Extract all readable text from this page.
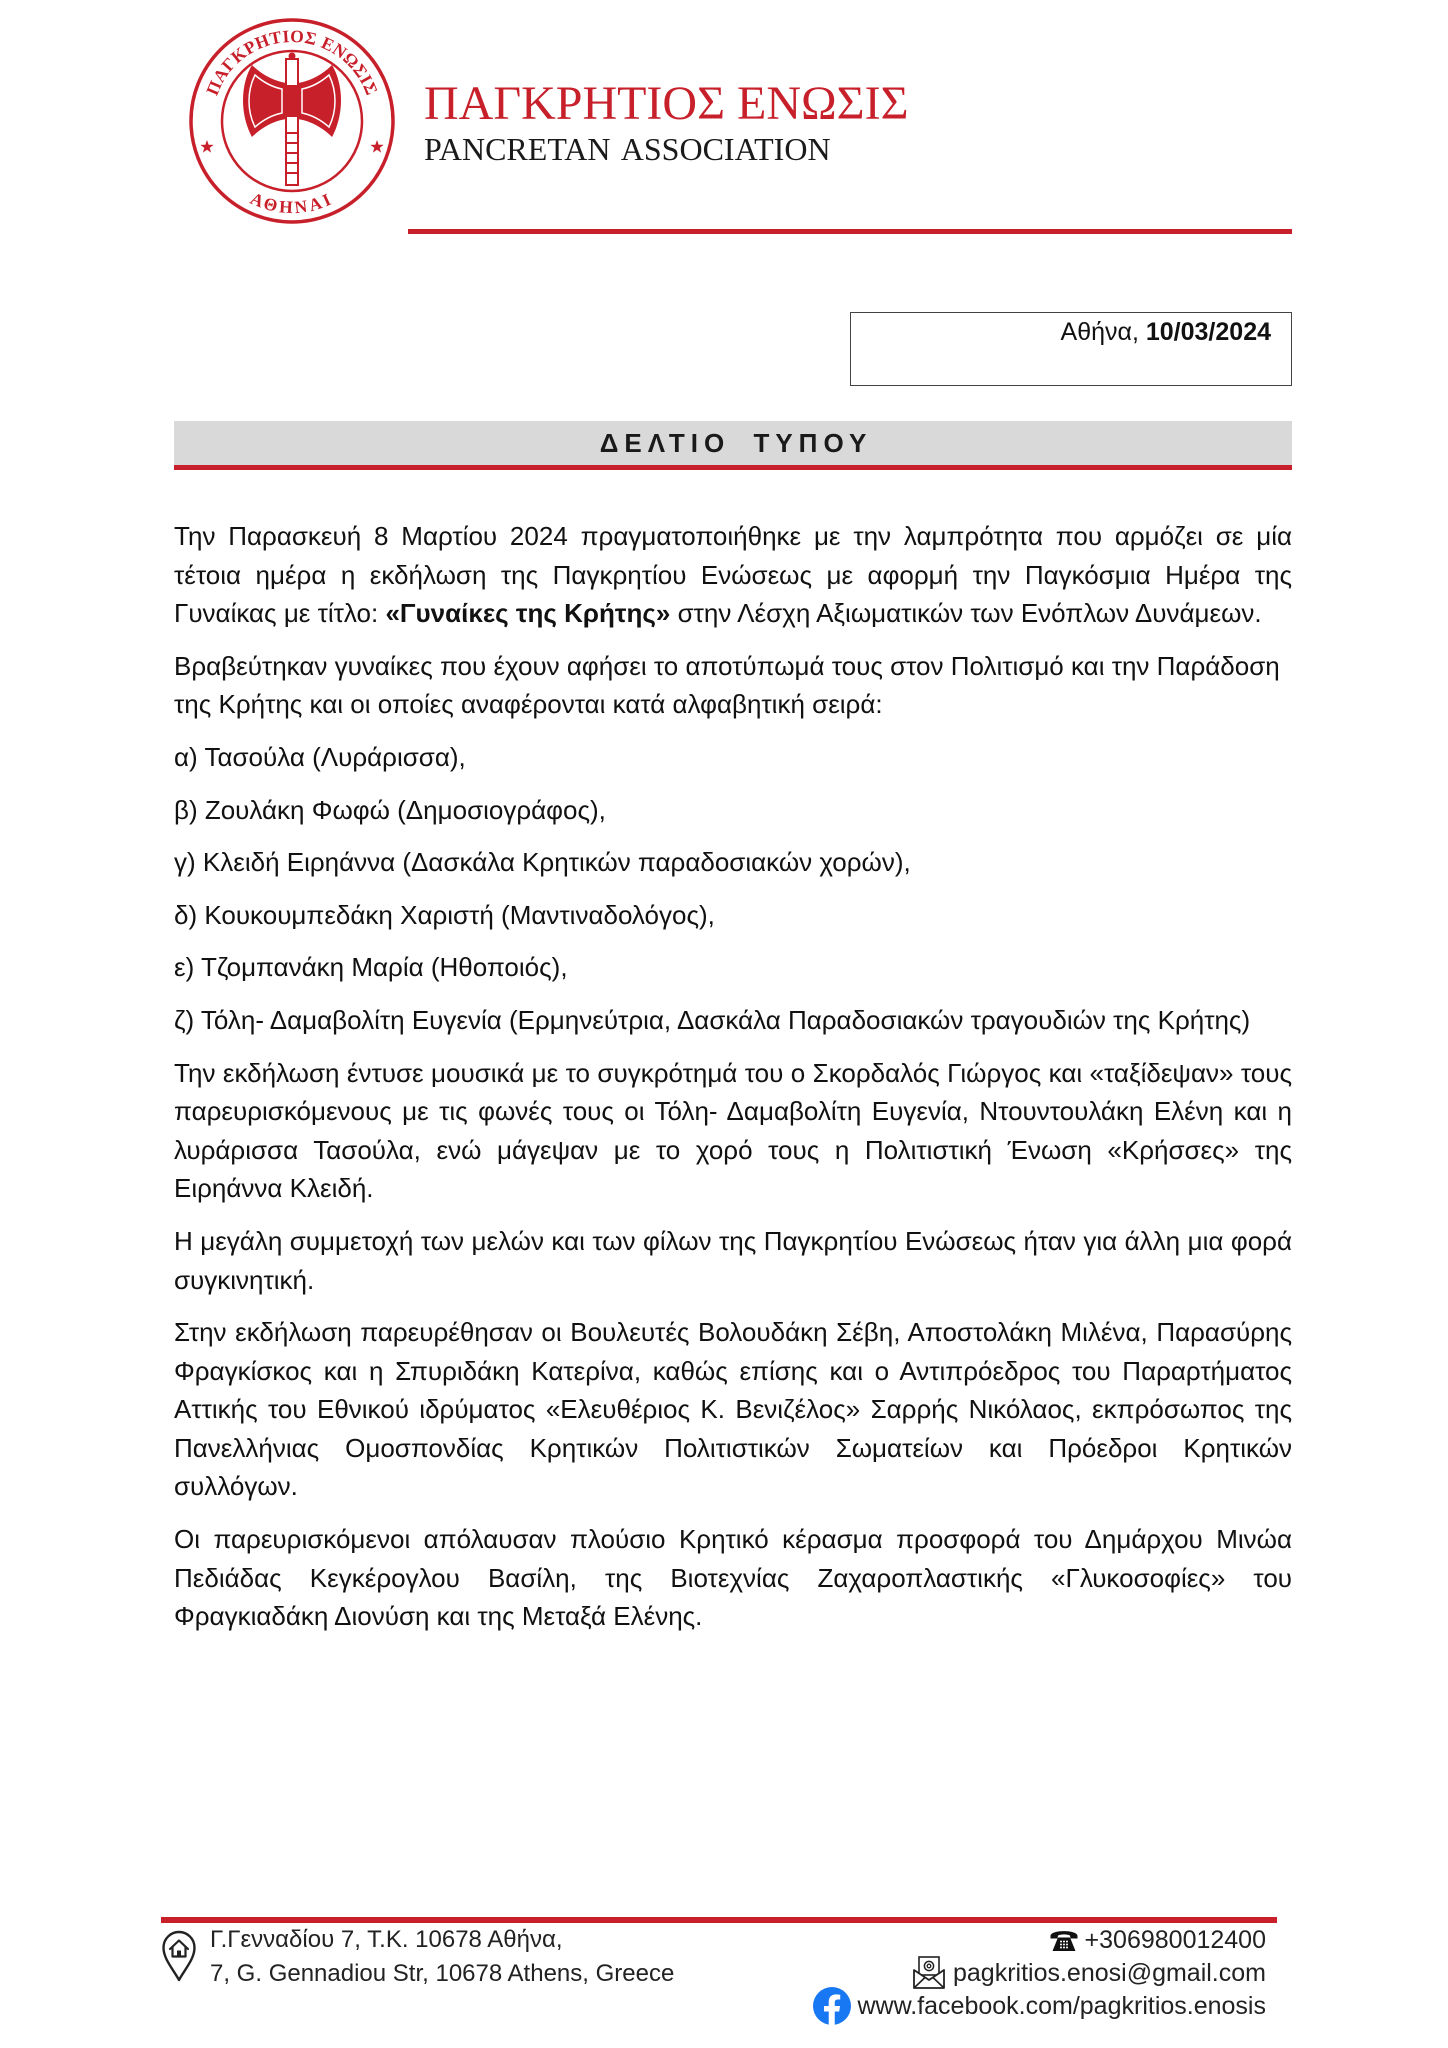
ΠΑΓΚΡΗΤΙΟΣ ΕΝΩΣΙΣ
ΑΘΗΝΑΙ
ΠΑΓΚΡΗΤΙΟΣ ΕΝΩΣΙΣ
PANCRETAN ASSOCIATION
Αθήνα, 10/03/2024
ΔΕΛΤΙΟ ΤΥΠΟΥ

Την Παρασκευή 8 Μαρτίου 2024 πραγματοποιήθηκε με την λαμπρότητα που αρμόζει σε μία τέτοια ημέρα η εκδήλωση της Παγκρητίου Ενώσεως με αφορμή την Παγκόσμια Ημέρα της Γυναίκας με τίτλο: «Γυναίκες της Κρήτης» στην Λέσχη Αξιωματικών των Ενόπλων Δυνάμεων.

Βραβεύτηκαν γυναίκες που έχουν αφήσει το αποτύπωμά τους στον Πολιτισμό και την Παράδοση της Κρήτης και οι οποίες αναφέρονται κατά αλφαβητική σειρά:

α) Τασούλα (Λυράρισσα),

β) Ζουλάκη Φωφώ (Δημοσιογράφος),

γ) Κλειδή Ειρηάννα (Δασκάλα Κρητικών παραδοσιακών χορών),

δ) Κουκουμπεδάκη Χαριστή (Μαντιναδολόγος),

ε) Τζομπανάκη Μαρία (Ηθοποιός),

ζ) Τόλη- Δαμαβολίτη Ευγενία (Ερμηνεύτρια, Δασκάλα Παραδοσιακών τραγουδιών της Κρήτης)

Την εκδήλωση έντυσε μουσικά με το συγκρότημά του ο Σκορδαλός Γιώργος και «ταξίδεψαν» τους παρευρισκόμενους με τις φωνές τους οι Τόλη- Δαμαβολίτη Ευγενία, Ντουντουλάκη Ελένη και η λυράρισσα Τασούλα, ενώ μάγεψαν με το χορό τους η Πολιτιστική Ένωση «Κρήσσες» της Ειρηάννα Κλειδή.

Η μεγάλη συμμετοχή των μελών και των φίλων της Παγκρητίου Ενώσεως ήταν για άλλη μια φορά συγκινητική.

Στην εκδήλωση παρευρέθησαν οι Βουλευτές Βολουδάκη Σέβη, Αποστολάκη Μιλένα, Παρασύρης Φραγκίσκος και η Σπυριδάκη Κατερίνα, καθώς επίσης και ο Αντιπρόεδρος του Παραρτήματος Αττικής του Εθνικού ιδρύματος «Ελευθέριος Κ. Βενιζέλος» Σαρρής Νικόλαος, εκπρόσωπος της Πανελλήνιας Ομοσπονδίας Κρητικών Πολιτιστικών Σωματείων και Πρόεδροι Κρητικών συλλόγων.

Οι παρευρισκόμενοι απόλαυσαν πλούσιο Κρητικό κέρασμα προσφορά του Δημάρχου Μινώα Πεδιάδας Κεγκέρογλου Βασίλη, της Βιοτεχνίας Ζαχαροπλαστικής «Γλυκοσοφίες» του Φραγκιαδάκη Διονύση και της Μεταξά Ελένης.

Γ.Γενναδίου 7, Τ.Κ. 10678 Αθήνα,
7, G. Gennadiou Str, 10678 Athens, Greece
+306980012400
pagkritios.enosi@gmail.com
www.facebook.com/pagkritios.enosis
